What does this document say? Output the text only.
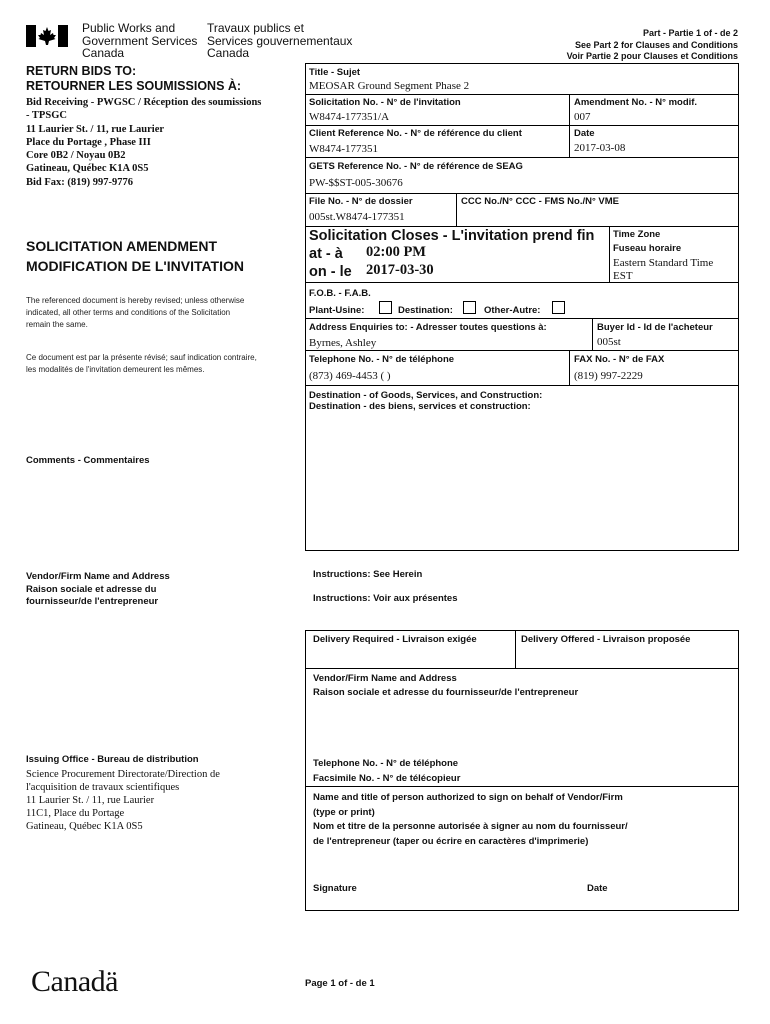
Public Works and
Government Services
Canada
Travaux publics et
Services gouvernementaux
Canada
Part - Partie 1 of - de 2
See Part 2 for Clauses and Conditions
Voir Partie 2 pour Clauses et Conditions
RETURN BIDS TO:
RETOURNER LES SOUMISSIONS À:
Bid Receiving - PWGSC / Réception des soumissions
- TPSGC
11 Laurier St. / 11, rue Laurier
Place du Portage , Phase III
Core 0B2 / Noyau 0B2
Gatineau, Québec K1A 0S5
Bid Fax: (819) 997-9776
SOLICITATION AMENDMENT
MODIFICATION DE L'INVITATION
The referenced document is hereby revised; unless otherwise
indicated, all other terms and conditions of the Solicitation
remain the same.
Ce document est par la présente révisé; sauf indication contraire,
les modalités de l'invitation demeurent les mêmes.
Comments - Commentaires
Vendor/Firm Name and Address
Raison sociale et adresse du
fournisseur/de l'entrepreneur
Issuing Office - Bureau de distribution
Science Procurement Directorate/Direction de
l'acquisition de travaux scientifiques
11 Laurier St. / 11, rue Laurier
11C1, Place du Portage
Gatineau, Québec K1A 0S5
Title - Sujet
MEOSAR Ground Segment Phase 2
Solicitation No. - N° de l'invitation
W8474-177351/A
Amendment No. - N° modif.
007
Client Reference No. - N° de référence du client
W8474-177351
Date
2017-03-08
GETS Reference No. - N° de référence de SEAG
PW-$$ST-005-30676
File No. - N° de dossier
005st.W8474-177351
CCC No./N° CCC - FMS No./N° VME
Solicitation Closes - L'invitation prend fin
at - à 02:00 PM
on - le 2017-03-30
Time Zone
Fuseau horaire
Eastern Standard Time
EST
F.O.B. - F.A.B.
Plant-Usine:	Destination:	Other-Autre:
Address Enquiries to: - Adresser toutes questions à:
Byrnes, Ashley
Buyer Id - Id de l'acheteur
005st
Telephone No. - N° de téléphone
(873) 469-4453 ( )
FAX No. - N° de FAX
(819) 997-2229
Destination - of Goods, Services, and Construction:
Destination - des biens, services et construction:
Instructions: See Herein
Instructions: Voir aux présentes
Delivery Required - Livraison exigée	Delivery Offered - Livraison proposée
Vendor/Firm Name and Address
Raison sociale et adresse du fournisseur/de l'entrepreneur
Telephone No. - N° de téléphone
Facsimile No. - N° de télécopieur
Name and title of person authorized to sign on behalf of Vendor/Firm
(type or print)
Nom et titre de la personne autorisée à signer au nom du fournisseur/
de l'entrepreneur (taper ou écrire en caractères d'imprimerie)
Signature	Date
Canadä	Page 1 of - de 1
